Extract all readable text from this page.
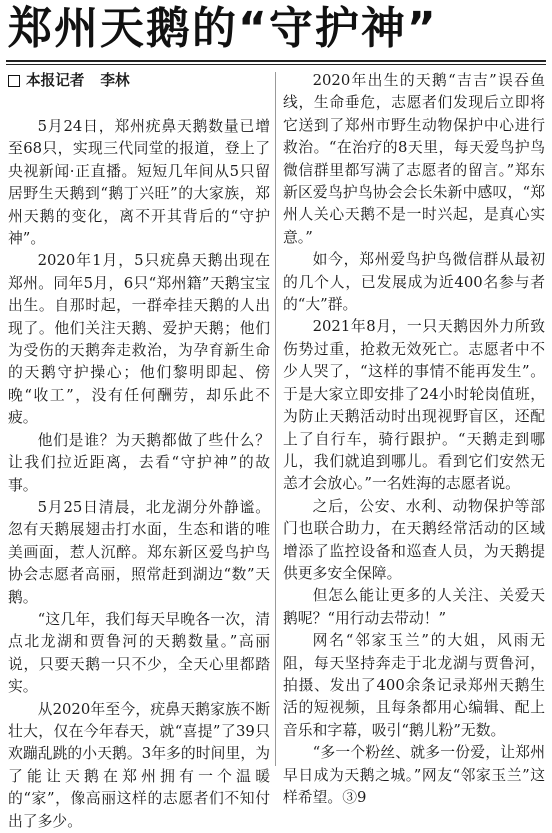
郑州天鹅的“守护神”
本报记者 李林

5月24日，郑州疣鼻天鹅数量已增至68只，实现三代同堂的报道，登上了央视新闻·正直播。短短几年间从5只留居野生天鹅到“鹅丁兴旺”的大家族，郑州天鹅的变化，离不开其背后的“守护神”。

2020年1月，5只疣鼻天鹅出现在郑州。同年5月，6只“郑州籍”天鹅宝宝出生。自那时起，一群牵挂天鹅的人出现了。他们关注天鹅、爱护天鹅；他们为受伤的天鹅奔走救治，为孕育新生命的天鹅守护操心；他们黎明即起、傍晚“收工”，没有任何酬劳，却乐此不疲。

他们是谁？为天鹅都做了些什么？让我们拉近距离，去看“守护神”的故事。

5月25日清晨，北龙湖分外静谧。忽有天鹅展翅击打水面，生态和谐的唯美画面，惹人沉醉。郑东新区爱鸟护鸟协会志愿者高丽，照常赶到湖边“数”天鹅。

“这几年，我们每天早晚各一次，清点北龙湖和贾鲁河的天鹅数量。”高丽说，只要天鹅一只不少，全天心里都踏实。

从2020年至今，疣鼻天鹅家族不断壮大，仅在今年春天，就“喜提”了39只欢蹦乱跳的小天鹅。3年多的时间里，为了能让天鹅在郑州拥有一个温暖的“家”，像高丽这样的志愿者们不知付出了多少。

2020年出生的天鹅“吉吉”误吞鱼线，生命垂危，志愿者们发现后立即将它送到了郑州市野生动物保护中心进行救治。“在治疗的8天里，每天爱鸟护鸟微信群里都写满了志愿者的留言。”郑东新区爱鸟护鸟协会会长朱新中感叹，“郑州人关心天鹅不是一时兴起，是真心实意。”

如今，郑州爱鸟护鸟微信群从最初的几个人，已发展成为近400名参与者的“大”群。

2021年8月，一只天鹅因外力所致伤势过重，抢救无效死亡。志愿者中不少人哭了，“这样的事情不能再发生”。于是大家立即安排了24小时轮岗值班，为防止天鹅活动时出现视野盲区，还配上了自行车，骑行跟护。“天鹅走到哪儿，我们就追到哪儿。看到它们安然无恙才会放心。”一名姓海的志愿者说。

之后，公安、水利、动物保护等部门也联合助力，在天鹅经常活动的区域增添了监控设备和巡查人员，为天鹅提供更多安全保障。

但怎么能让更多的人关注、关爱天鹅呢？“用行动去带动！”

网名“邻家玉兰”的大姐，风雨无阻，每天坚持奔走于北龙湖与贾鲁河，拍摄、发出了400余条记录郑州天鹅生活的短视频，且每条都用心编辑、配上音乐和字幕，吸引“鹅儿粉”无数。

“多一个粉丝、就多一份爱，让郑州早日成为天鹅之城。”网友“邻家玉兰”这样希望。③9
